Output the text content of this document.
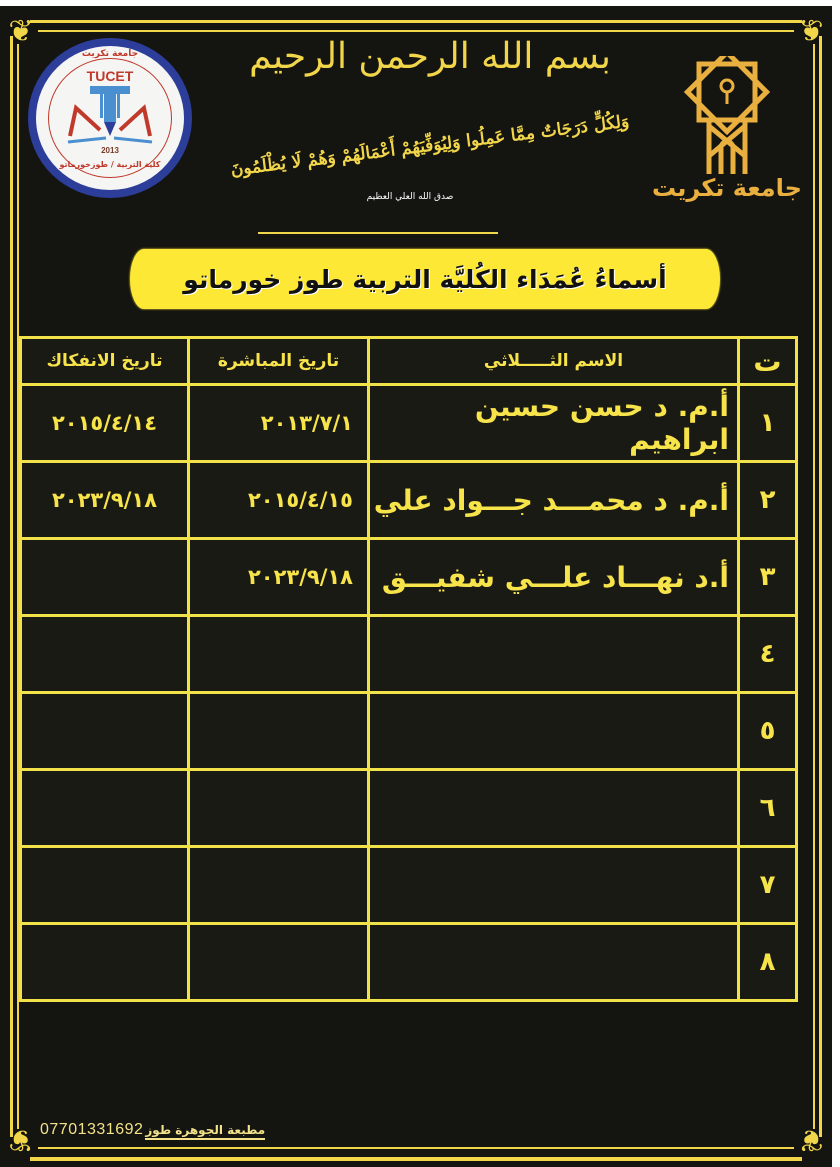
❦	❦
❦	❦
جامعة تكريت
TUCET
2013
كلية التربية / طوزخورماتو
جامعة تكريت
بسم الله الرحمن الرحيم
وَلِكُلٍّ دَرَجَاتٌ مِمَّا عَمِلُوا وَلِيُوَفِّيَهُمْ أَعْمَالَهُمْ وَهُمْ لَا يُظْلَمُونَ
صدق الله العلي العظيم
أسماءُ عُمَدَاء الكُليَّة التربية طوز خورماتو
ت	الاسم الثـــــلاثي	تاريخ المباشرة	تاريخ الانفكاك
١	أ.م. د حسن حسين ابراهيم	٢٠١٣/٧/١	٢٠١٥/٤/١٤
٢	أ.م. د محمـــد جـــواد علي	٢٠١٥/٤/١٥	٢٠٢٣/٩/١٨
٣	أ.د نهـــاد علـــي شفيـــق	٢٠٢٣/٩/١٨	
٤			
٥			
٦			
٧			
٨			
07701331692 مطبعة الجوهرة طوز
